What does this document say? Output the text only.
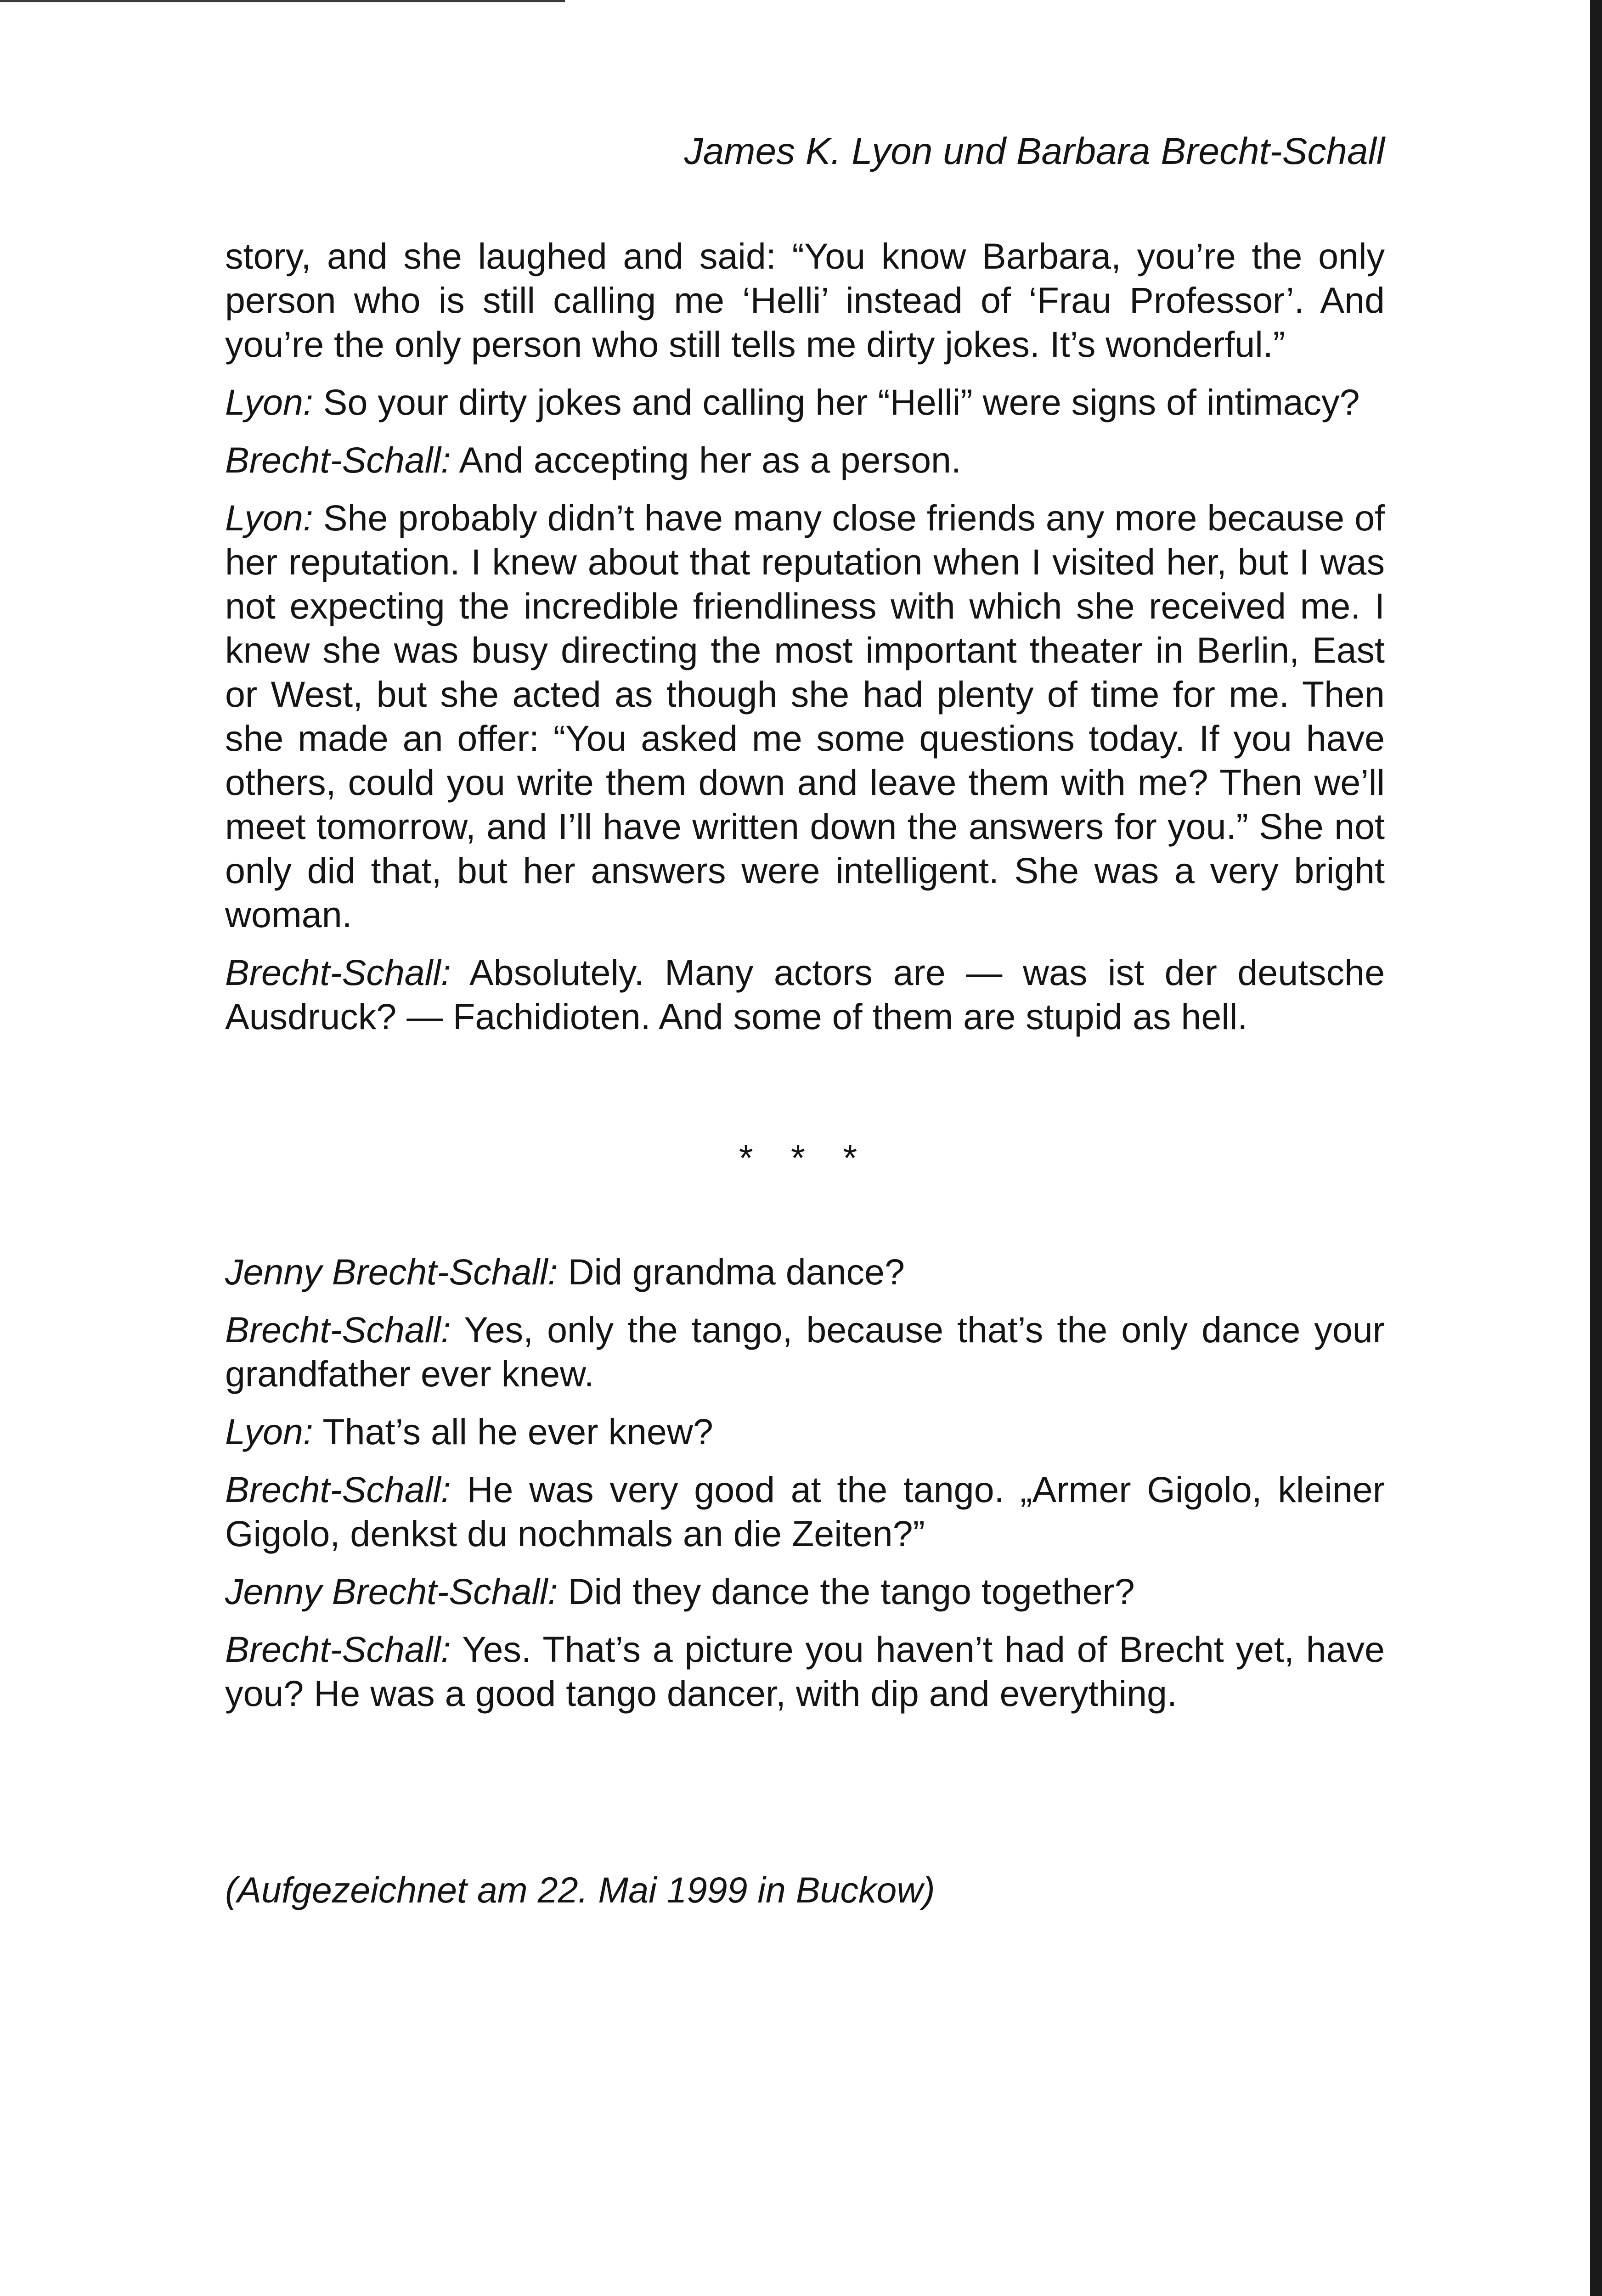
James K. Lyon und Barbara Brecht-Schall

story, and she laughed and said: “You know Barbara, you’re the only person who is still calling me ‘Helli’ instead of ‘Frau Professor’. And you’re the only person who still tells me dirty jokes. It’s wonderful.”

Lyon: So your dirty jokes and calling her “Helli” were signs of intimacy?

Brecht-Schall: And accepting her as a person.

Lyon: She probably didn’t have many close friends any more because of her reputation. I knew about that reputation when I visited her, but I was not expecting the incredible friendliness with which she received me. I knew she was busy directing the most important theater in Berlin, East or West, but she acted as though she had plenty of time for me. Then she made an offer: “You asked me some questions today. If you have others, could you write them down and leave them with me? Then we’ll meet tomorrow, and I’ll have written down the answers for you.” She not only did that, but her answers were intelligent. She was a very bright woman.

Brecht-Schall: Absolutely. Many actors are — was ist der deutsche Ausdruck? — Fachidioten. And some of them are stupid as hell.

* * *

Jenny Brecht-Schall: Did grandma dance?

Brecht-Schall: Yes, only the tango, because that’s the only dance your grandfather ever knew.

Lyon: That’s all he ever knew?

Brecht-Schall: He was very good at the tango. „Armer Gigolo, kleiner Gigolo, denkst du nochmals an die Zeiten?”

Jenny Brecht-Schall: Did they dance the tango together?

Brecht-Schall: Yes. That’s a picture you haven’t had of Brecht yet, have you? He was a good tango dancer, with dip and everything.

(Aufgezeichnet am 22. Mai 1999 in Buckow)
